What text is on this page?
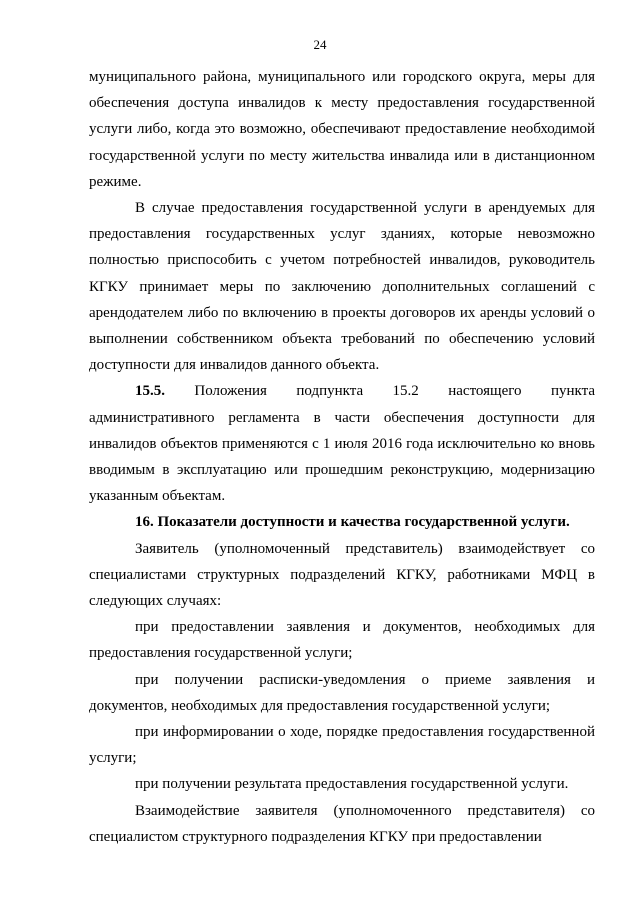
24

муниципального района, муниципального или городского округа, меры для обеспечения доступа инвалидов к месту предоставления государственной услуги либо, когда это возможно, обеспечивают предоставление необходимой государственной услуги по месту жительства инвалида или в дистанционном режиме.

В случае предоставления государственной услуги в арендуемых для предоставления государственных услуг зданиях, которые невозможно полностью приспособить с учетом потребностей инвалидов, руководитель КГКУ принимает меры по заключению дополнительных соглашений с арендодателем либо по включению в проекты договоров их аренды условий о выполнении собственником объекта требований по обеспечению условий доступности для инвалидов данного объекта.

15.5. Положения подпункта 15.2 настоящего пункта административного регламента в части обеспечения доступности для инвалидов объектов применяются с 1 июля 2016 года исключительно ко вновь вводимым в эксплуатацию или прошедшим реконструкцию, модернизацию указанным объектам.

16. Показатели доступности и качества государственной услуги.

Заявитель (уполномоченный представитель) взаимодействует со специалистами структурных подразделений КГКУ, работниками МФЦ в следующих случаях:

при предоставлении заявления и документов, необходимых для предоставления государственной услуги;

при получении расписки-уведомления о приеме заявления и документов, необходимых для предоставления государственной услуги;

при информировании о ходе, порядке предоставления государственной услуги;

при получении результата предоставления государственной услуги.

Взаимодействие заявителя (уполномоченного представителя) со специалистом структурного подразделения КГКУ при предоставлении
